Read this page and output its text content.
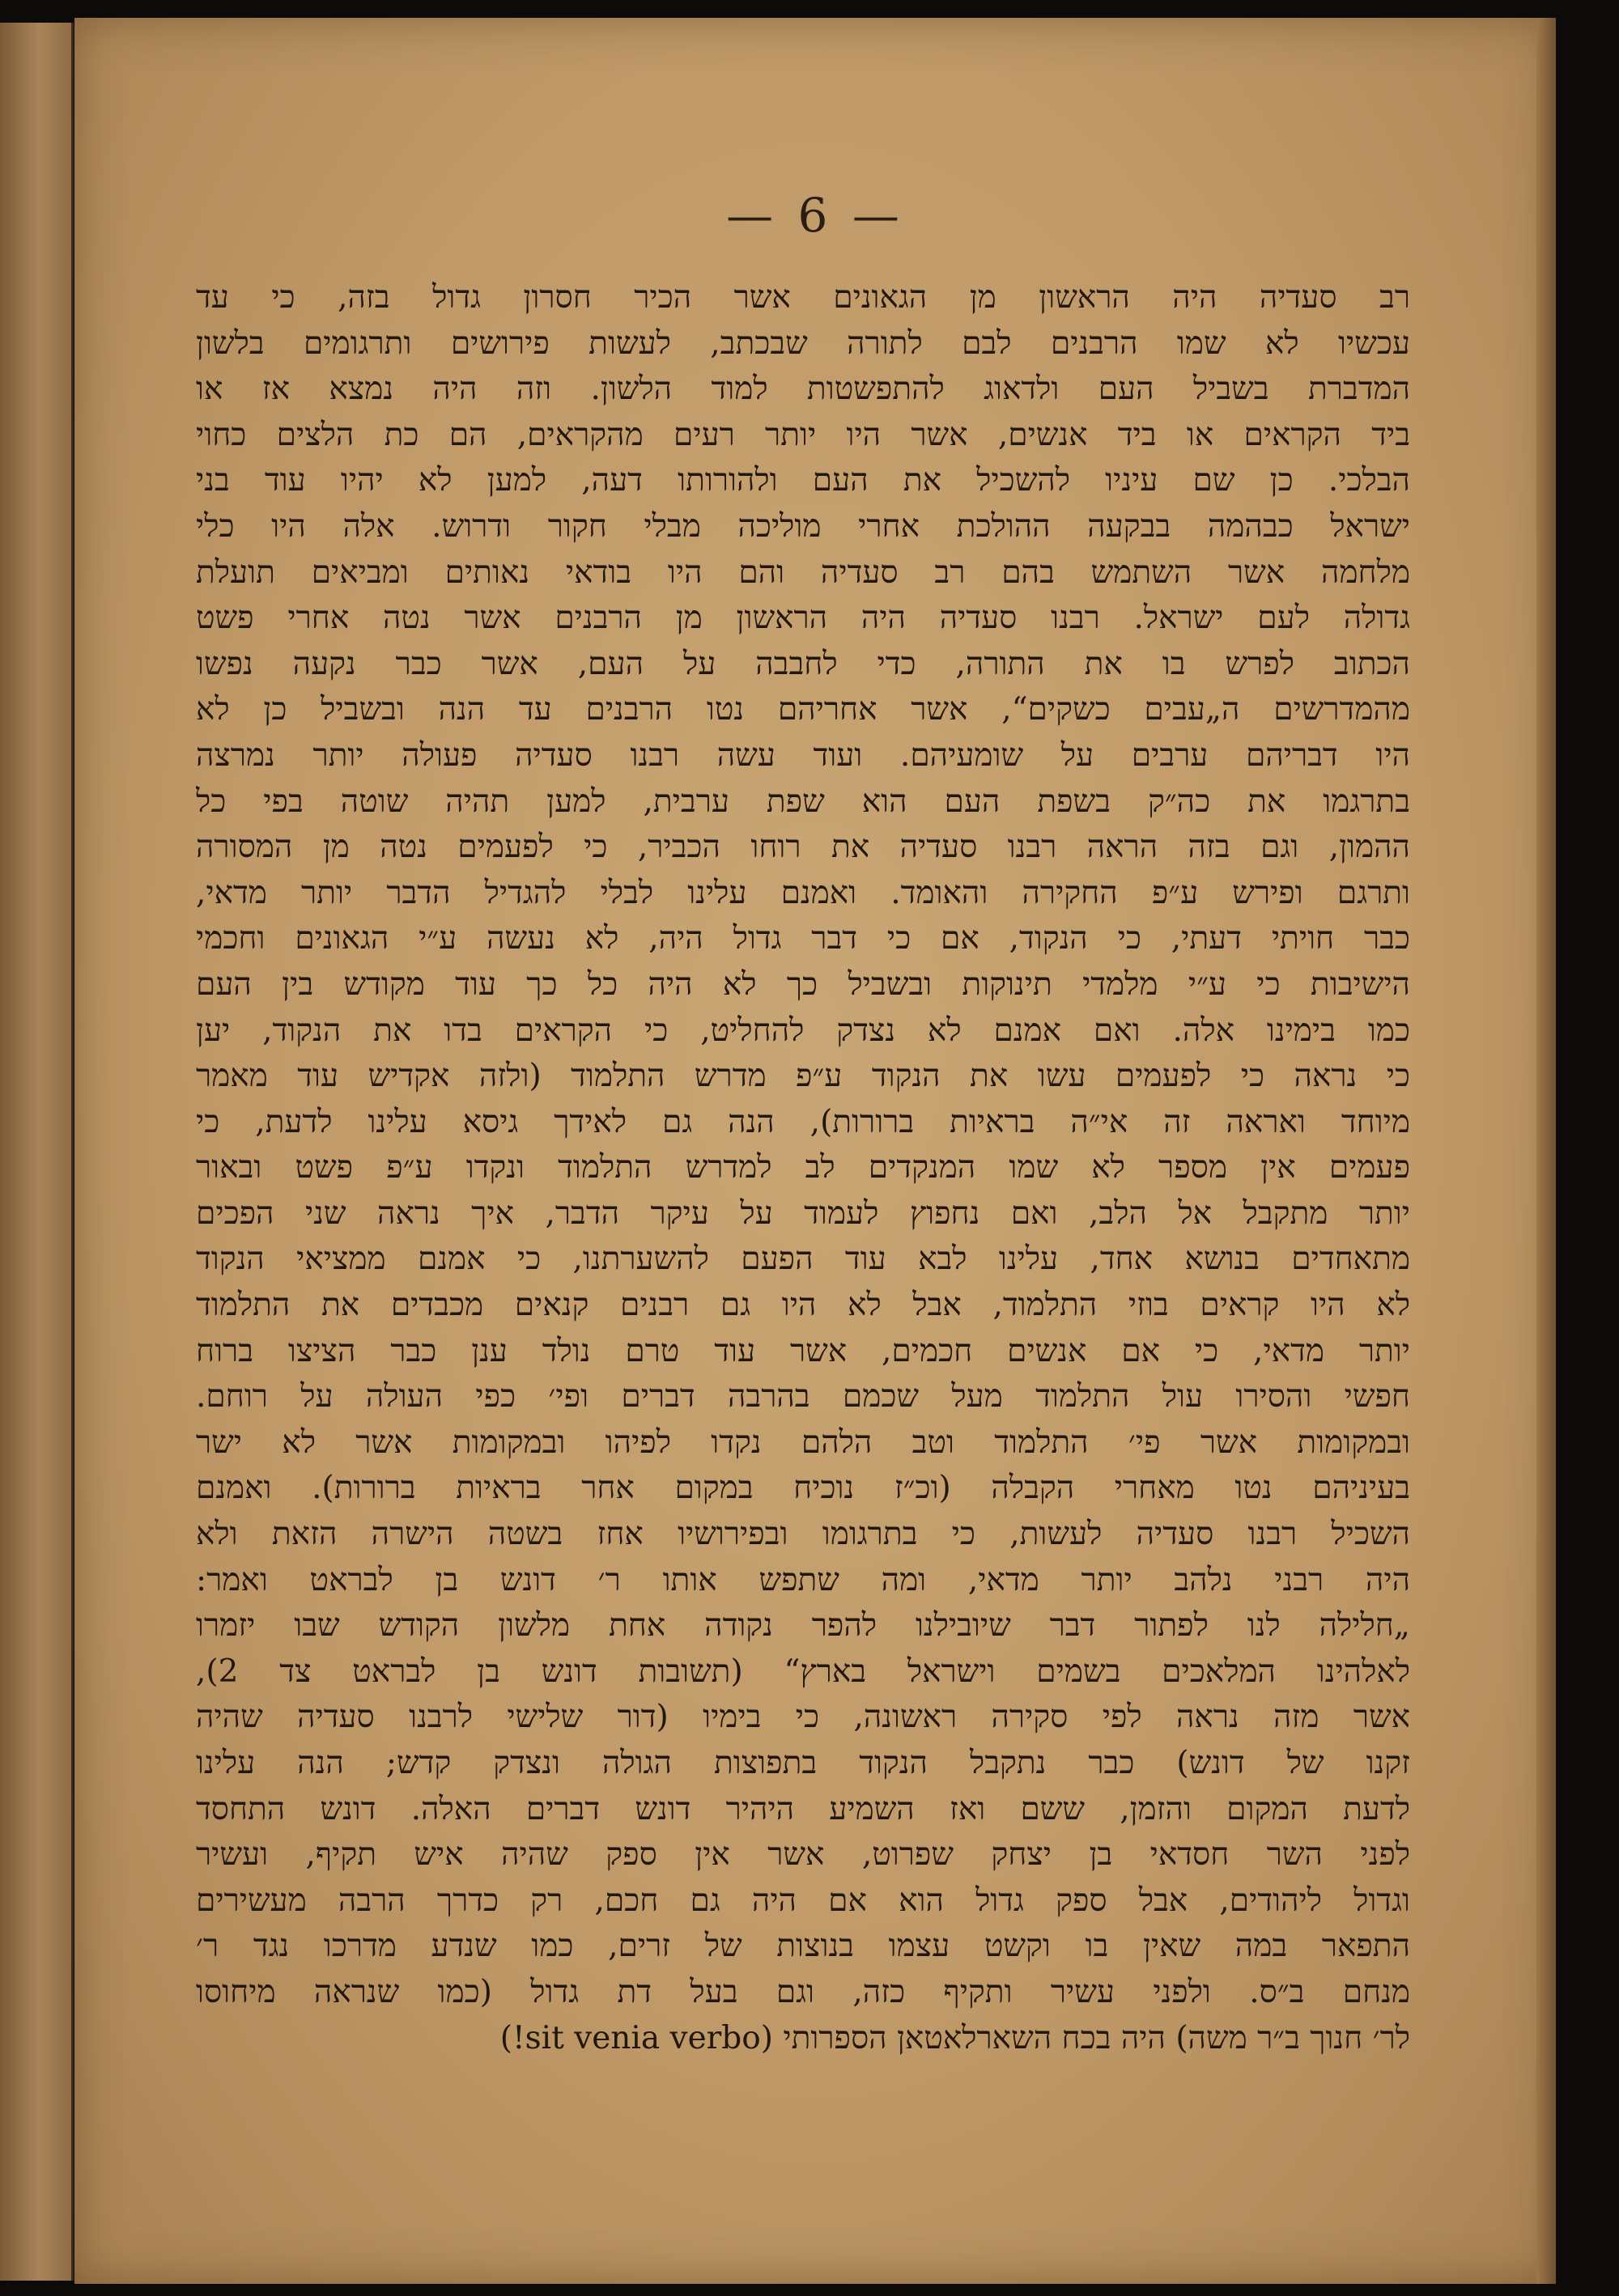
— 6 —
רב סעדיה היה הראשון מן הגאונים אשר הכיר חסרון גדול בזה, כי עד
עכשיו לא שמו הרבנים לבם לתורה שבכתב, לעשות פירושים ותרגומים בלשון
המדברת בשביל העם ולדאוג להתפשטות למוד הלשון. וזה היה נמצא אז או
ביד הקראים או ביד אנשים, אשר היו יותר רעים מהקראים, הם כת הלצים כחוי
הבלכי. כן שם עיניו להשכיל את העם ולהורותו דעה, למען לא יהיו עוד בני
ישראל כבהמה בבקעה ההולכת אחרי מוליכה מבלי חקור ודרוש. אלה היו כלי
מלחמה אשר השתמש בהם רב סעדיה והם היו בודאי נאותים ומביאים תועלת
גדולה לעם ישראל. רבנו סעדיה היה הראשון מן הרבנים אשר נטה אחרי פשט
הכתוב לפרש בו את התורה, כדי לחבבה על העם, אשר כבר נקעה נפשו
מהמדרשים ה„עבים כשקים“, אשר אחריהם נטו הרבנים עד הנה ובשביל כן לא
היו דבריהם ערבים על שומעיהם. ועוד עשה רבנו סעדיה פעולה יותר נמרצה
בתרגמו את כה״ק בשפת העם הוא שפת ערבית, למען תהיה שוטה בפי כל
ההמון, וגם בזה הראה רבנו סעדיה את רוחו הכביר, כי לפעמים נטה מן המסורה
ותרגם ופירש ע״פ החקירה והאומד. ואמנם עלינו לבלי להגדיל הדבר יותר מדאי,
כבר חויתי דעתי, כי הנקוד, אם כי דבר גדול היה, לא נעשה ע״י הגאונים וחכמי
הישיבות כי ע״י מלמדי תינוקות ובשביל כך לא היה כל כך עוד מקודש בין העם
כמו בימינו אלה. ואם אמנם לא נצדק להחליט, כי הקראים בדו את הנקוד, יען
כי נראה כי לפעמים עשו את הנקוד ע״פ מדרש התלמוד (ולזה אקדיש עוד מאמר
מיוחד ואראה זה אי״ה בראיות ברורות), הנה גם לאידך גיסא עלינו לדעת, כי
פעמים אין מספר לא שמו המנקדים לב למדרש התלמוד ונקדו ע״פ פשט ובאור
יותר מתקבל אל הלב, ואם נחפוץ לעמוד על עיקר הדבר, איך נראה שני הפכים
מתאחדים בנושא אחד, עלינו לבא עוד הפעם להשערתנו, כי אמנם ממציאי הנקוד
לא היו קראים בוזי התלמוד, אבל לא היו גם רבנים קנאים מכבדים את התלמוד
יותר מדאי, כי אם אנשים חכמים, אשר עוד טרם נולד ענן כבר הציצו ברוח
חפשי והסירו עול התלמוד מעל שכמם בהרבה דברים ופי׳ כפי העולה על רוחם.
ובמקומות אשר פי׳ התלמוד וטב הלהם נקדו לפיהו ובמקומות אשר לא ישר
בעיניהם נטו מאחרי הקבלה (וכ״ז נוכיח במקום אחר בראיות ברורות). ואמנם
השכיל רבנו סעדיה לעשות, כי בתרגומו ובפירושיו אחז בשטה הישרה הזאת ולא
היה רבני נלהב יותר מדאי, ומה שתפש אותו ר׳ דונש בן לבראט ואמר:
„חלילה לנו לפתור דבר שיובילנו להפר נקודה אחת מלשון הקודש שבו יזמרו
לאלהינו המלאכים בשמים וישראל בארץ“ (תשובות דונש בן לבראט צד 2),
אשר מזה נראה לפי סקירה ראשונה, כי בימיו (דור שלישי לרבנו סעדיה שהיה
זקנו של דונש) כבר נתקבל הנקוד בתפוצות הגולה ונצדק קדש; הנה עלינו
לדעת המקום והזמן, ששם ואז השמיע היהיר דונש דברים האלה. דונש התחסד
לפני השר חסדאי בן יצחק שפרוט, אשר אין ספק שהיה איש תקיף, ועשיר
וגדול ליהודים, אבל ספק גדול הוא אם היה גם חכם, רק כדרך הרבה מעשירים
התפאר במה שאין בו וקשט עצמו בנוצות של זרים, כמו שנדע מדרכו נגד ר׳
מנחם ב״ס. ולפני עשיר ותקיף כזה, וגם בעל דת גדול (כמו שנראה מיחוסו
לר׳ חנוך ב״ר משה) היה בכח השארלאטאן הספרותי (sit venia verbo!)
